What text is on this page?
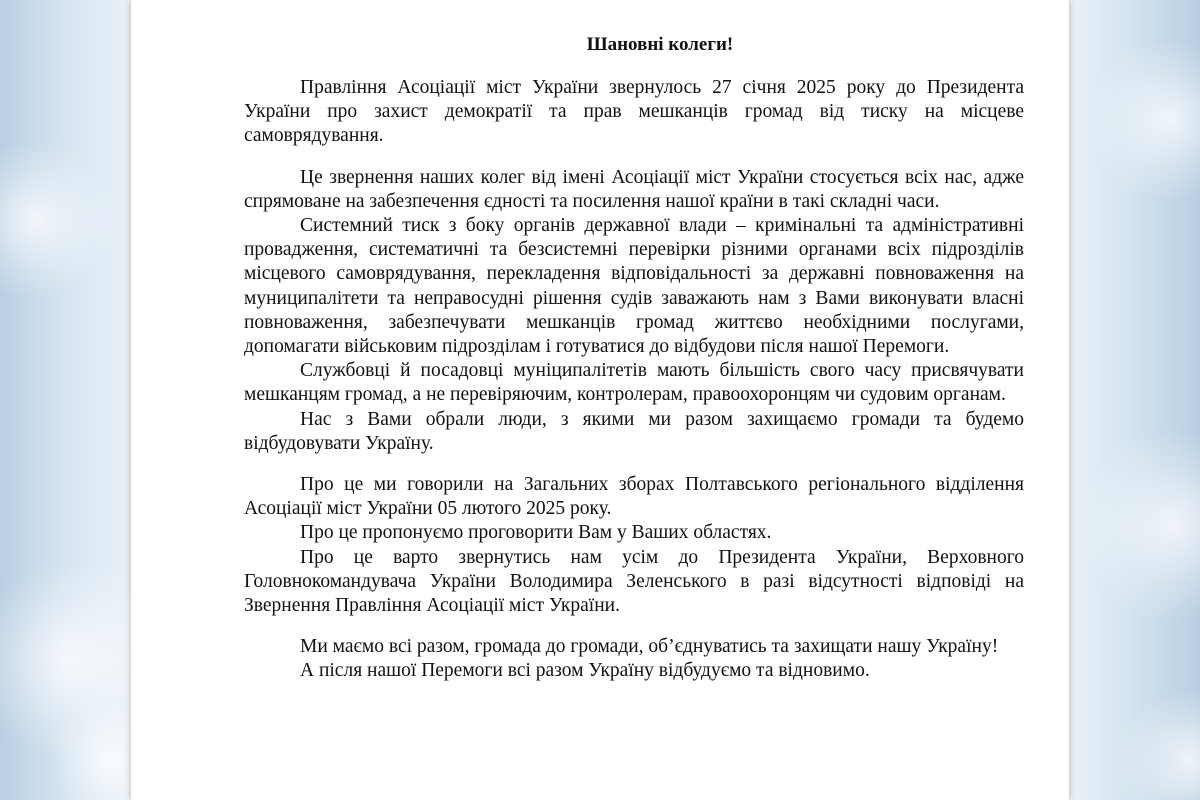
Шановні колеги!

Правління Асоціації міст України звернулось 27 січня 2025 року до Президента України про захист демократії та прав мешканців громад від тиску на місцеве самоврядування.

Це звернення наших колег від імені Асоціації міст України стосується всіх нас, адже спрямоване на забезпечення єдності та посилення нашої країни в такі складні часи.

Системний тиск з боку органів державної влади – кримінальні та адміністративні провадження, систематичні та безсистемні перевірки різними органами всіх підрозділів місцевого самоврядування, перекладення відповідальності за державні повноваження на муниципалітети та неправосудні рішення судів заважають нам з Вами виконувати власні повноваження, забезпечувати мешканців громад життєво необхідними послугами, допомагати військовим підрозділам і готуватися до відбудови після нашої Перемоги.

Службовці й посадовці муніципалітетів мають більшість свого часу присвячувати мешканцям громад, а не перевіряючим, контролерам, правоохоронцям чи судовим органам.

Нас з Вами обрали люди, з якими ми разом захищаємо громади та будемо відбудовувати Україну.

Про це ми говорили на Загальних зборах Полтавського регіонального відділення Асоціації міст України 05 лютого 2025 року.

Про це пропонуємо проговорити Вам у Ваших областях.

Про це варто звернутись нам усім до Президента України, Верховного Головнокомандувача України Володимира Зеленського в разі відсутності відповіді на Звернення Правління Асоціації міст України.

Ми маємо всі разом, громада до громади, об’єднуватись та захищати нашу Україну!

А після нашої Перемоги всі разом Україну відбудуємо та відновимо.
